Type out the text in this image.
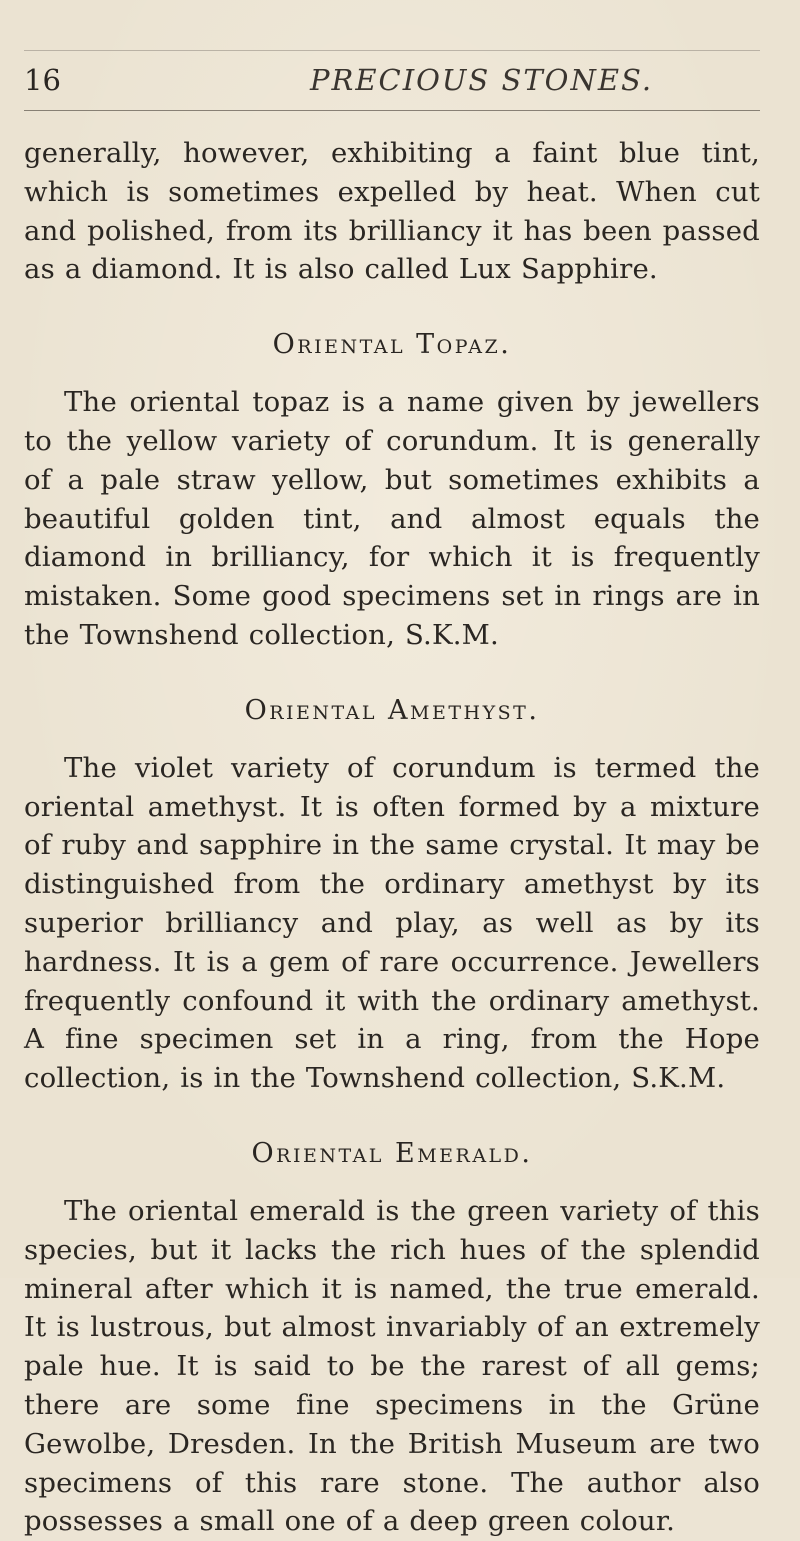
16	PRECIOUS STONES.

generally, however, exhibiting a faint blue tint, which is sometimes expelled by heat. When cut and polished, from its brilliancy it has been passed as a diamond. It is also called Lux Sapphire.

Oriental Topaz.

The oriental topaz is a name given by jewellers to the yellow variety of corundum. It is generally of a pale straw yellow, but sometimes exhibits a beautiful golden tint, and almost equals the diamond in brilliancy, for which it is frequently mistaken. Some good specimens set in rings are in the Townshend collection, S.K.M.

Oriental Amethyst.

The violet variety of corundum is termed the oriental amethyst. It is often formed by a mixture of ruby and sapphire in the same crystal. It may be distinguished from the ordinary amethyst by its superior brilliancy and play, as well as by its hardness. It is a gem of rare occurrence. Jewellers frequently confound it with the ordinary amethyst. A fine specimen set in a ring, from the Hope collection, is in the Townshend collection, S.K.M.

Oriental Emerald.

The oriental emerald is the green variety of this species, but it lacks the rich hues of the splendid mineral after which it is named, the true emerald. It is lustrous, but almost invariably of an extremely pale hue. It is said to be the rarest of all gems; there are some fine specimens in the Grüne Gewolbe, Dresden. In the British Museum are two specimens of this rare stone. The author also possesses a small one of a deep green colour.
